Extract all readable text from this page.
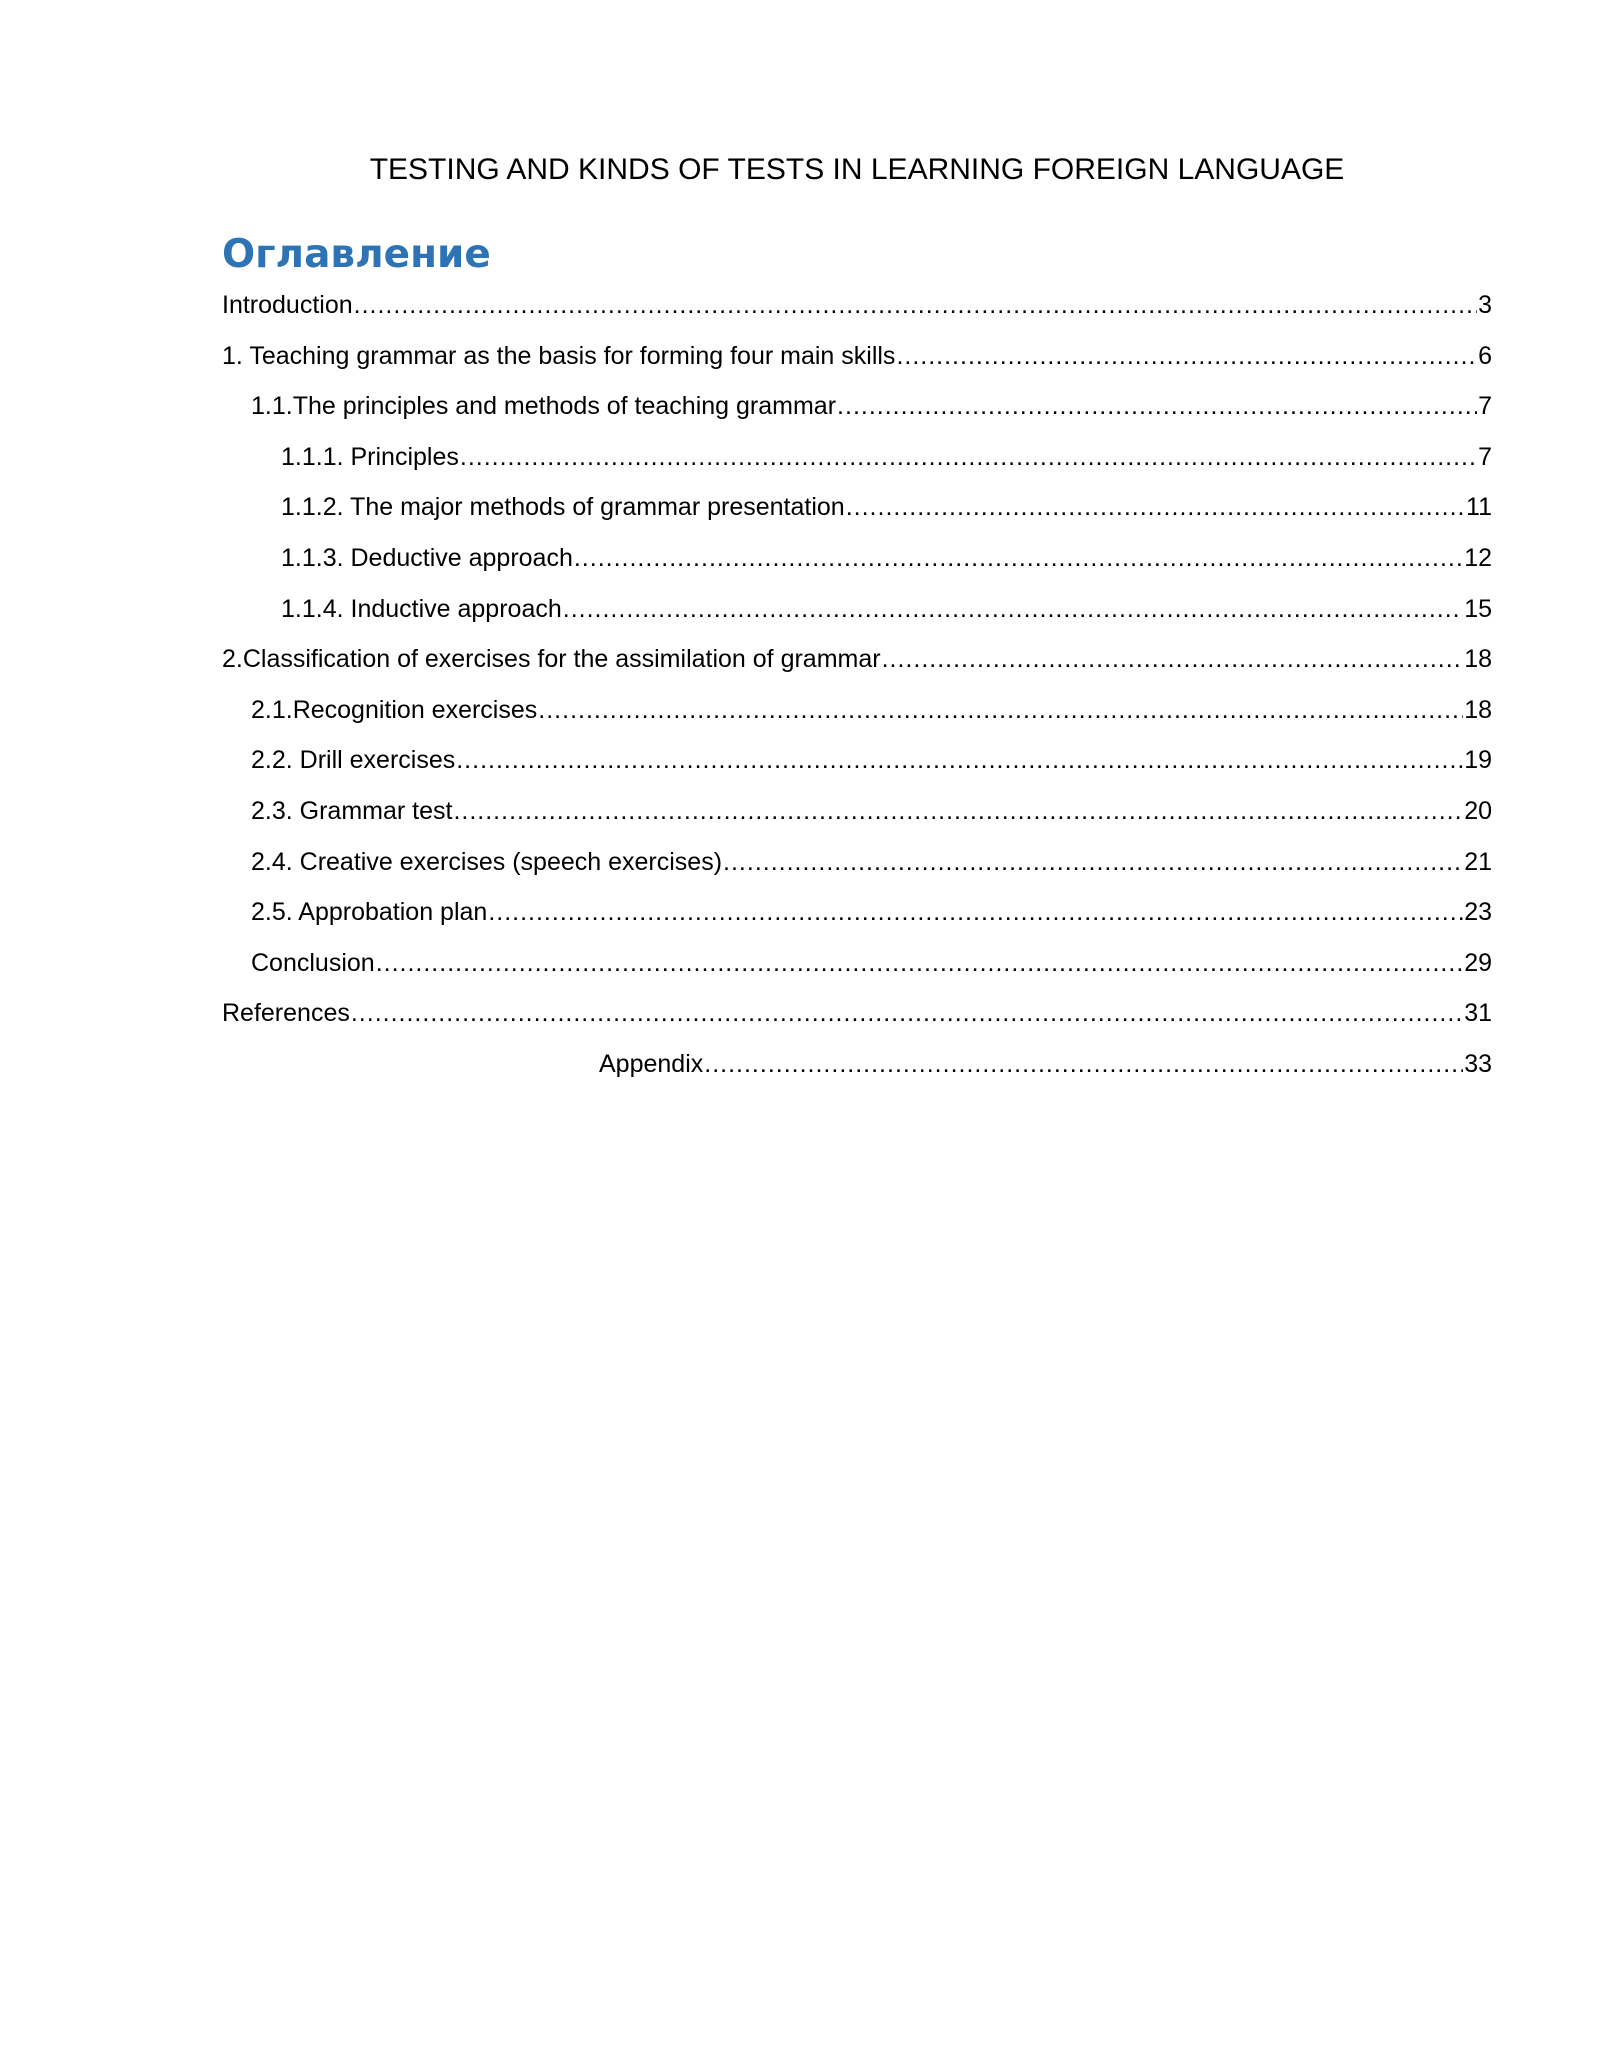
TESTING AND KINDS OF TESTS IN LEARNING FOREIGN LANGUAGE
Оглавление
Introduction .....	3
1. Teaching grammar as the basis for forming four main skills .....	6
1.1.The principles and methods of teaching grammar .....	7
1.1.1. Principles .....	7
1.1.2. The major methods of grammar presentation .....	11
1.1.3. Deductive approach .....	12
1.1.4. Inductive approach .....	15
2.Classification of exercises for the assimilation of grammar .....	18
2.1.Recognition exercises .....	18
2.2. Drill exercises .....	19
2.3. Grammar test .....	20
2.4. Creative exercises (speech exercises) .....	21
2.5. Approbation plan .....	23
Conclusion .....	29
References .....	31
Appendix .....	33
